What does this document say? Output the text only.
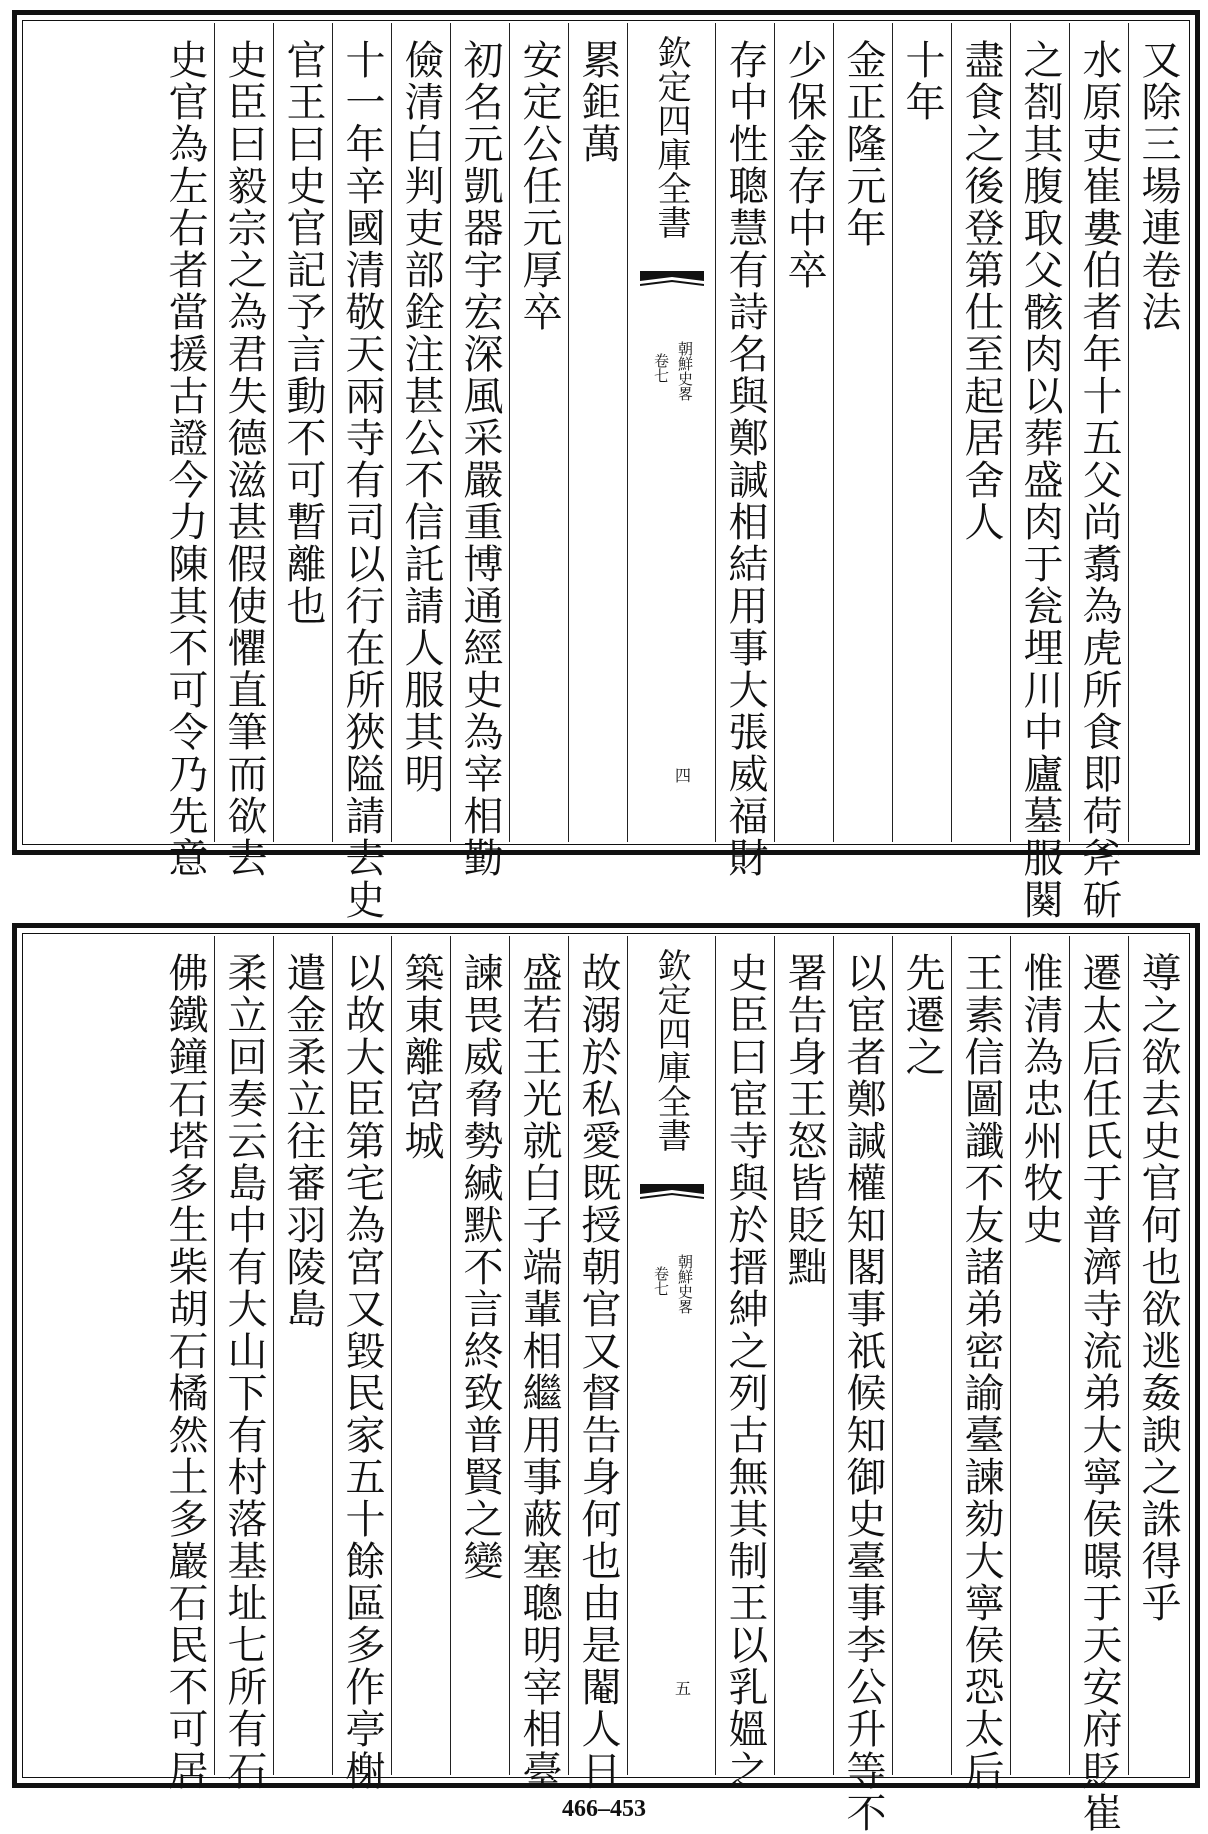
又除三場連卷法
水原吏崔婁伯者年十五父尚翥為虎所食即荷斧斫
之剳其腹取父骸肉以葬盛肉于瓮埋川中廬墓服闋
盡食之後登第仕至起居舍人
十年
金正隆元年
少保金存中卒
存中性聰慧有詩名與鄭諴相結用事大張威福財
欽定四庫全書
朝鮮史畧
卷七
四
累鉅萬
安定公任元厚卒
初名元凱器宇宏深風采嚴重博通經史為宰相勤
儉清白判吏部銓注甚公不信託請人服其明
十一年辛國清敬天兩寺有司以行在所狹隘請去史
官王曰史官記予言動不可暫離也
史臣曰毅宗之為君失德滋甚假使懼直筆而欲去
史官為左右者當援古證今力陳其不可令乃先意
導之欲去史官何也欲逃姦諛之誅得乎
遷太后任氏于普濟寺流弟大寧侯暻于天安府貶崔
惟清為忠州牧史
王素信圖讖不友諸弟密諭臺諫劾大寧侯恐太后
先遷之
以宦者鄭諴權知閣事祇候知御史臺事李公升等不
署告身王怒皆貶黜
史臣曰宦寺與於搢紳之列古無其制王以乳媼之
欽定四庫全書
朝鮮史畧
卷七
五
故溺於私愛既授朝官又督告身何也由是閹人日
盛若王光就白子端輩相繼用事蔽塞聰明宰相臺
諫畏威脅勢緘默不言終致普賢之變
築東離宮城
以故大臣第宅為宮又毀民家五十餘區多作亭榭
遣金柔立往審羽陵島
柔立回奏云島中有大山下有村落基址七所有石
佛鐵鐘石塔多生柴胡石橘然土多巖石民不可居
466–453
